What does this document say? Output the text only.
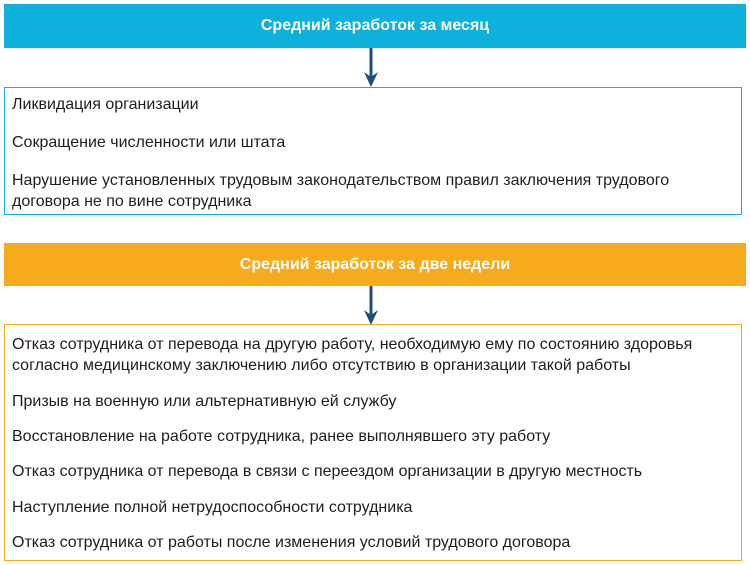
Средний заработок за месяц
Ликвидация организации
Сокращение численности или штата
Нарушение установленных трудовым законодательством правил заключения трудового договора не по вине сотрудника
Средний заработок за две недели
Отказ сотрудника от перевода на другую работу, необходимую ему по состоянию здоровья согласно медицинскому заключению либо отсутствию в организации такой работы
Призыв на военную или альтернативную ей службу
Восстановление на работе сотрудника, ранее выполнявшего эту работу
Отказ сотрудника от перевода в связи с переездом организации в другую местность
Наступление полной нетрудоспособности сотрудника
Отказ сотрудника от работы после изменения условий трудового договора
